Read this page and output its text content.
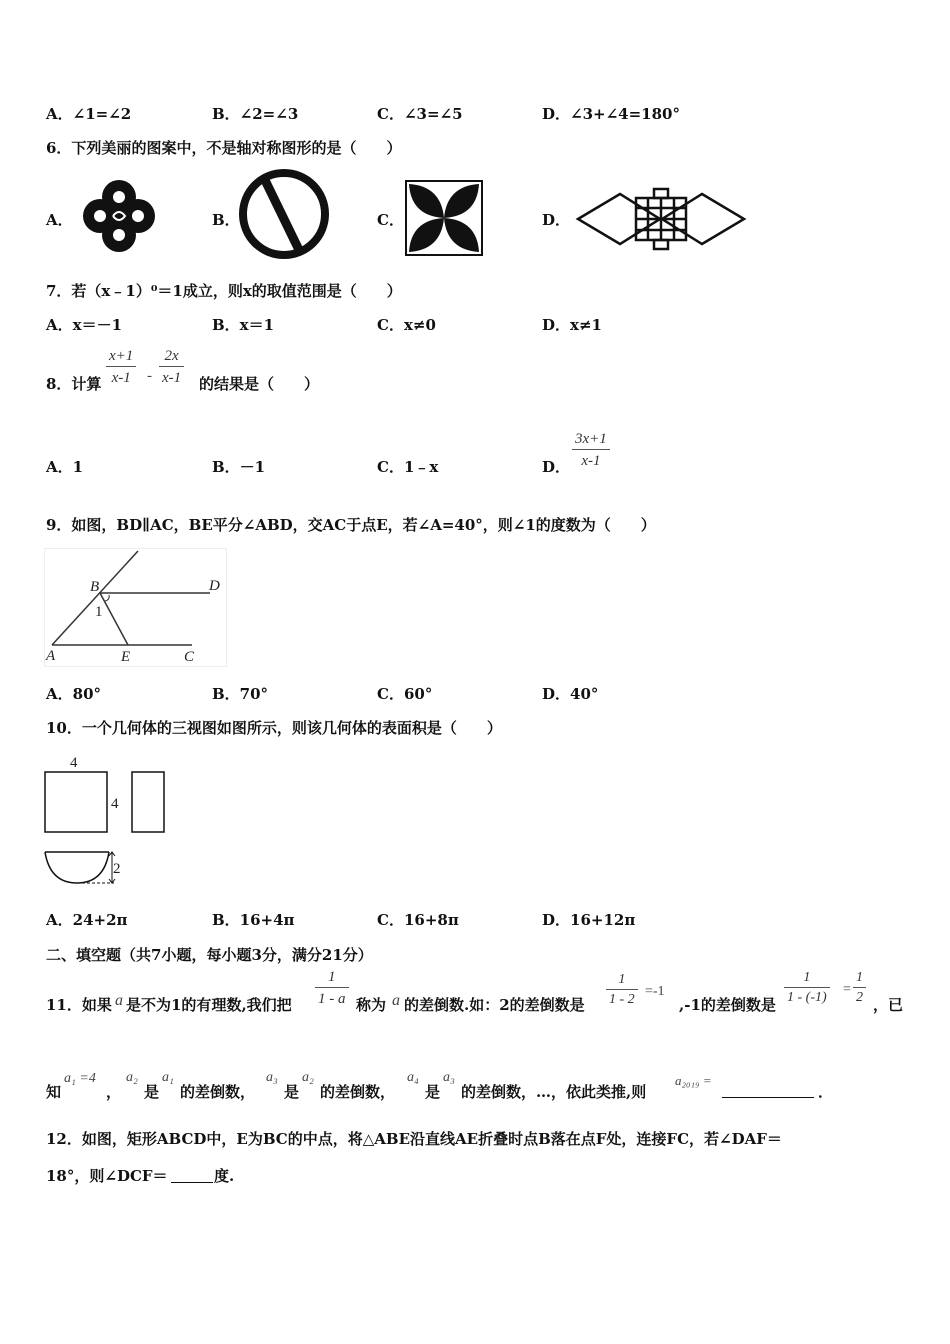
A．∠1=∠2	B．∠2=∠3	C．∠3=∠5	D．∠3+∠4=180°
6．下列美丽的图案中，不是轴对称图形的是（　　）
A．	B．	C．	D．
7．若（x﹣1）⁰＝1成立，则x的取值范围是（　　）
A．x＝－1	B．x＝1	C．x≠0	D．x≠1
8．计算 $\frac{x+1}{x-1} - \frac{2x}{x-1}$ 的结果是（　　）
A．1	B．－1	C．1﹣x	D． $\frac{3x+1}{x-1}$
9．如图，BD∥AC，BE平分∠ABD，交AC于点E，若∠A=40°，则∠1的度数为（　　）
B	D
1
A	E	C
A．80°	B．70°	C．60°	D．40°
10．一个几何体的三视图如图所示，则该几何体的表面积是（　　）
4
4
2
A．24+2π	B．16+4π	C．16+8π	D．16+12π
二、填空题（共7小题，每小题3分，满分21分）
11．如果 a 是不为1的有理数,我们把 $\frac{1}{1 - a}$ 称为 a 的差倒数.如：2的差倒数是 $\frac{1}{1 - 2} =-1$
,-1的差倒数是 $\frac{1}{1 - (-1)} = \frac{1}{2}$ ，已
知
a₁ =4
，
a₂
是
a₁
的差倒数，
a₃
是
a₂
的差倒数，
a₄
是
a₃
的差倒数，…，依此类推,则
a₂₀₁₉ =
．
12．如图，矩形ABCD中，E为BC的中点，将△ABE沿直线AE折叠时点B落在点F处，连接FC，若∠DAF＝
18°，则∠DCF＝	度.
